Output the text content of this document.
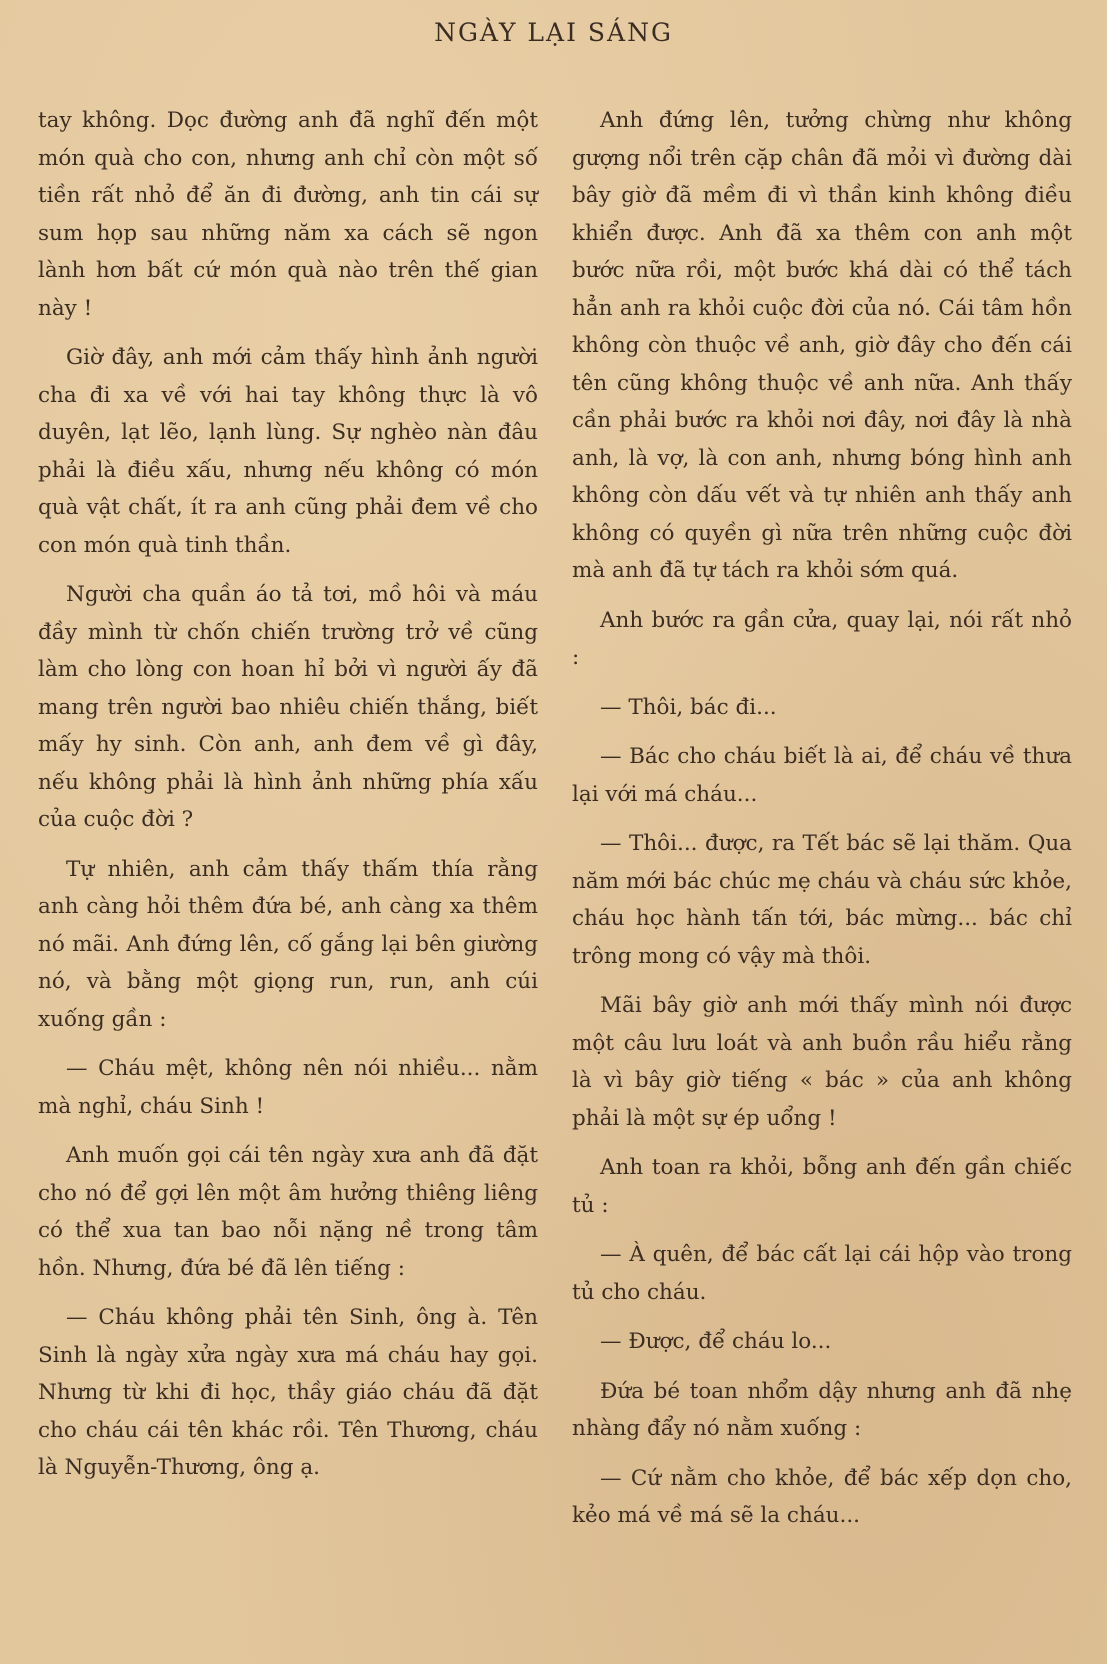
NGÀY LẠI SÁNG

tay không. Dọc đường anh đã nghĩ đến một món quà cho con, nhưng anh chỉ còn một số tiền rất nhỏ để ăn đi đường, anh tin cái sự sum họp sau những năm xa cách sẽ ngon lành hơn bất cứ món quà nào trên thế gian này !

Giờ đây, anh mới cảm thấy hình ảnh người cha đi xa về với hai tay không thực là vô duyên, lạt lẽo, lạnh lùng. Sự nghèo nàn đâu phải là điều xấu, nhưng nếu không có món quà vật chất, ít ra anh cũng phải đem về cho con món quà tinh thần.

Người cha quần áo tả tơi, mồ hôi và máu đầy mình từ chốn chiến trường trở về cũng làm cho lòng con hoan hỉ bởi vì người ấy đã mang trên người bao nhiêu chiến thắng, biết mấy hy sinh. Còn anh, anh đem về gì đây, nếu không phải là hình ảnh những phía xấu của cuộc đời ?

Tự nhiên, anh cảm thấy thấm thía rằng anh càng hỏi thêm đứa bé, anh càng xa thêm nó mãi. Anh đứng lên, cố gắng lại bên giường nó, và bằng một giọng run, run, anh cúi xuống gần :

— Cháu mệt, không nên nói nhiều... nằm mà nghỉ, cháu Sinh !

Anh muốn gọi cái tên ngày xưa anh đã đặt cho nó để gợi lên một âm hưởng thiêng liêng có thể xua tan bao nỗi nặng nề trong tâm hồn. Nhưng, đứa bé đã lên tiếng :

— Cháu không phải tên Sinh, ông à. Tên Sinh là ngày xửa ngày xưa má cháu hay gọi. Nhưng từ khi đi học, thầy giáo cháu đã đặt cho cháu cái tên khác rồi. Tên Thương, cháu là Nguyễn-Thương, ông ạ.

Anh đứng lên, tưởng chừng như không gượng nổi trên cặp chân đã mỏi vì đường dài bây giờ đã mềm đi vì thần kinh không điều khiển được. Anh đã xa thêm con anh một bước nữa rồi, một bước khá dài có thể tách hẳn anh ra khỏi cuộc đời của nó. Cái tâm hồn không còn thuộc về anh, giờ đây cho đến cái tên cũng không thuộc về anh nữa. Anh thấy cần phải bước ra khỏi nơi đây, nơi đây là nhà anh, là vợ, là con anh, nhưng bóng hình anh không còn dấu vết và tự nhiên anh thấy anh không có quyền gì nữa trên những cuộc đời mà anh đã tự tách ra khỏi sớm quá.

Anh bước ra gần cửa, quay lại, nói rất nhỏ :

— Thôi, bác đi...

— Bác cho cháu biết là ai, để cháu về thưa lại với má cháu...

— Thôi... được, ra Tết bác sẽ lại thăm. Qua năm mới bác chúc mẹ cháu và cháu sức khỏe, cháu học hành tấn tới, bác mừng... bác chỉ trông mong có vậy mà thôi.

Mãi bây giờ anh mới thấy mình nói được một câu lưu loát và anh buồn rầu hiểu rằng là vì bây giờ tiếng « bác » của anh không phải là một sự ép uổng !

Anh toan ra khỏi, bỗng anh đến gần chiếc tủ :

— À quên, để bác cất lại cái hộp vào trong tủ cho cháu.

— Được, để cháu lo...

Đứa bé toan nhổm dậy nhưng anh đã nhẹ nhàng đẩy nó nằm xuống :

— Cứ nằm cho khỏe, để bác xếp dọn cho, kẻo má về má sẽ la cháu...
